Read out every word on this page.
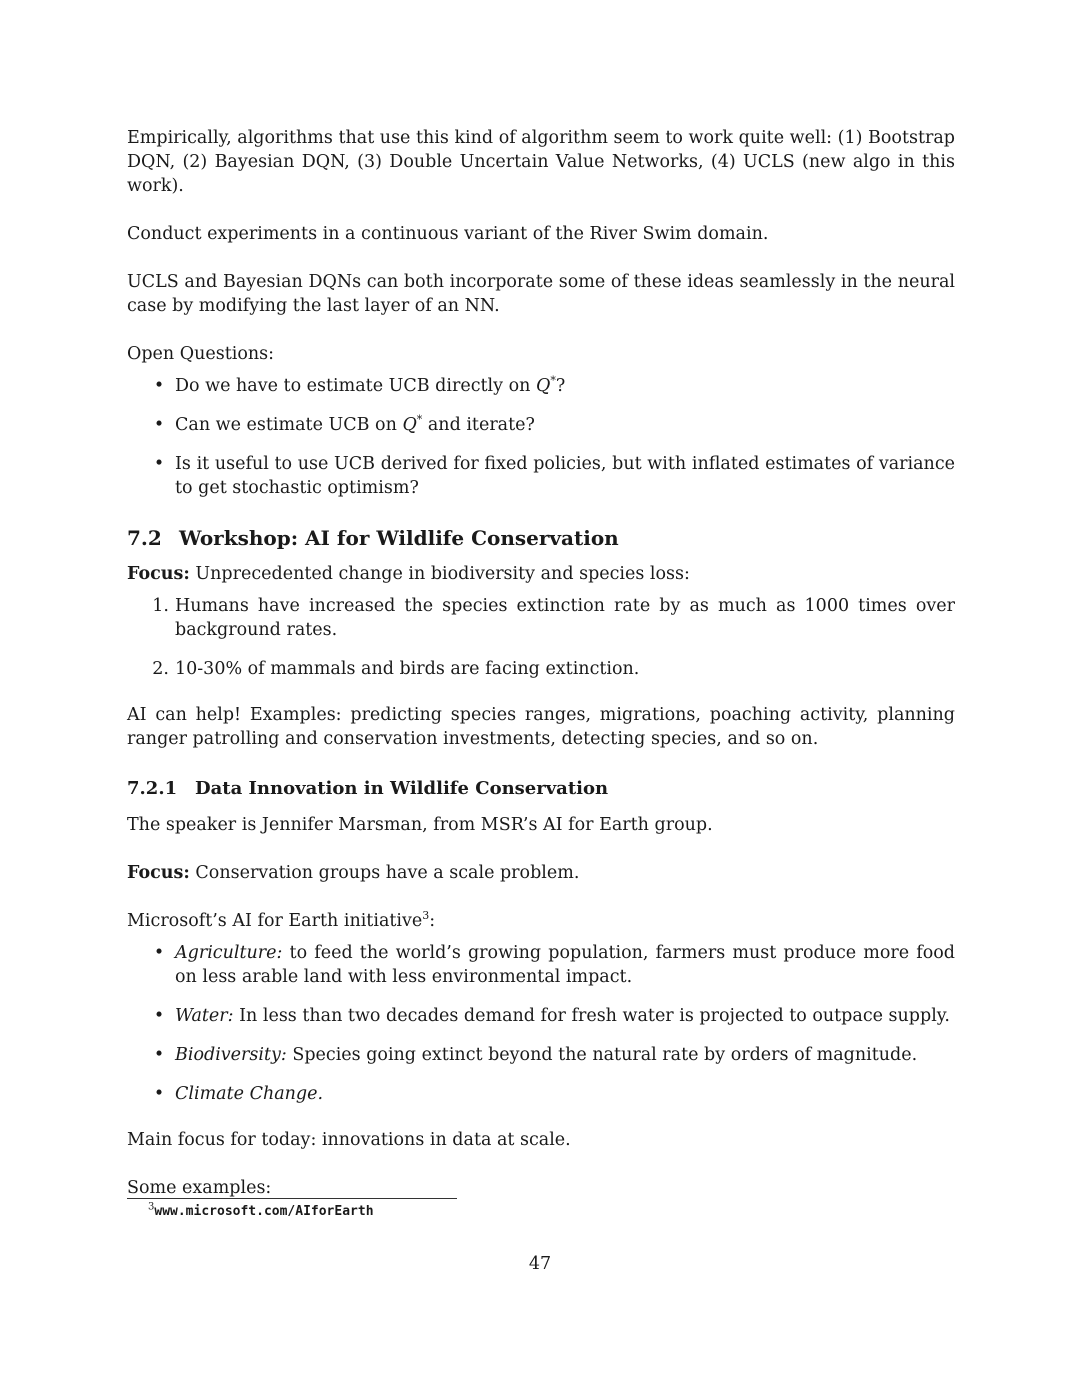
Empirically, algorithms that use this kind of algorithm seem to work quite well: (1) Bootstrap DQN, (2) Bayesian DQN, (3) Double Uncertain Value Networks, (4) UCLS (new algo in this work).

Conduct experiments in a continuous variant of the River Swim domain.

UCLS and Bayesian DQNs can both incorporate some of these ideas seamlessly in the neural case by modifying the last layer of an NN.

Open Questions:

• Do we have to estimate UCB directly on Q*?
• Can we estimate UCB on Q* and iterate?
• Is it useful to use UCB derived for fixed policies, but with inflated estimates of variance to get stochastic optimism?
7.2 Workshop: AI for Wildlife Conservation

Focus: Unprecedented change in biodiversity and species loss:

1. Humans have increased the species extinction rate by as much as 1000 times over background rates.
2. 10-30% of mammals and birds are facing extinction.

AI can help! Examples: predicting species ranges, migrations, poaching activity, planning ranger patrolling and conservation investments, detecting species, and so on.

7.2.1 Data Innovation in Wildlife Conservation

The speaker is Jennifer Marsman, from MSR’s AI for Earth group.

Focus: Conservation groups have a scale problem.

Microsoft’s AI for Earth initiative$^3$:

• Agriculture: to feed the world’s growing population, farmers must produce more food on less arable land with less environmental impact.
• Water: In less than two decades demand for fresh water is projected to outpace supply.
• Biodiversity: Species going extinct beyond the natural rate by orders of magnitude.
• Climate Change.

Main focus for today: innovations in data at scale.

Some examples:

$^3$www.microsoft.com/AIforEarth
47
